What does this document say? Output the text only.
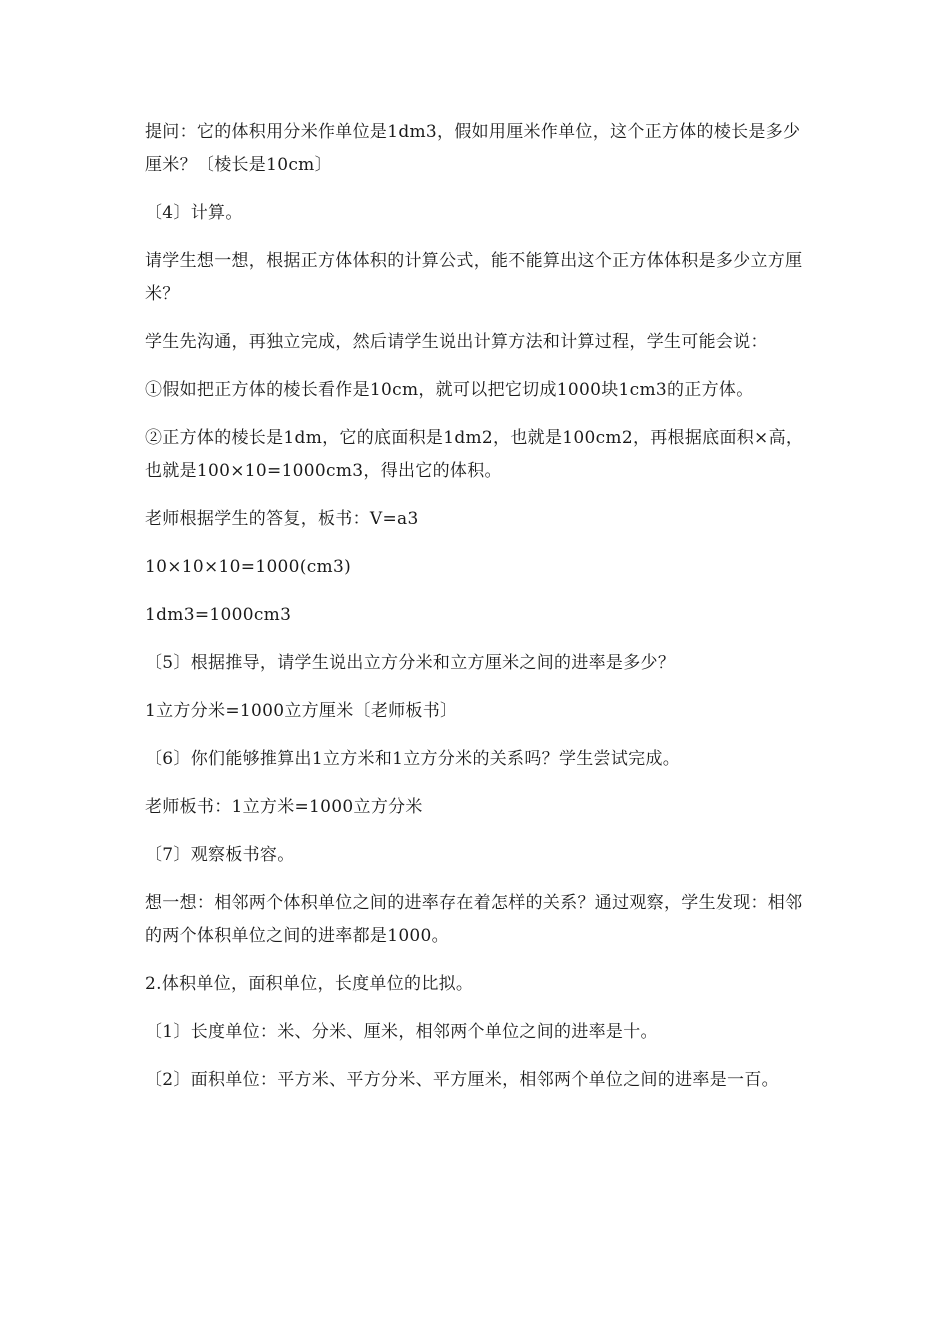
提问：它的体积用分米作单位是1dm3，假如用厘米作单位，这个正方体的棱长是多少厘米？〔棱长是10cm〕

〔4〕计算。

请学生想一想，根据正方体体积的计算公式，能不能算出这个正方体体积是多少立方厘米？

学生先沟通，再独立完成，然后请学生说出计算方法和计算过程，学生可能会说：

①假如把正方体的棱长看作是10cm，就可以把它切成1000块1cm3的正方体。

②正方体的棱长是1dm，它的底面积是1dm2，也就是100cm2，再根据底面积×高，也就是100×10=1000cm3，得出它的体积。

老师根据学生的答复，板书：V=a3

10×10×10=1000(cm3)

1dm3=1000cm3

〔5〕根据推导，请学生说出立方分米和立方厘米之间的进率是多少？

1立方分米=1000立方厘米〔老师板书〕

〔6〕你们能够推算出1立方米和1立方分米的关系吗？学生尝试完成。

老师板书：1立方米=1000立方分米

〔7〕观察板书容。

想一想：相邻两个体积单位之间的进率存在着怎样的关系？通过观察，学生发现：相邻的两个体积单位之间的进率都是1000。

2.体积单位，面积单位，长度单位的比拟。

〔1〕长度单位：米、分米、厘米，相邻两个单位之间的进率是十。

〔2〕面积单位：平方米、平方分米、平方厘米，相邻两个单位之间的进率是一百。
